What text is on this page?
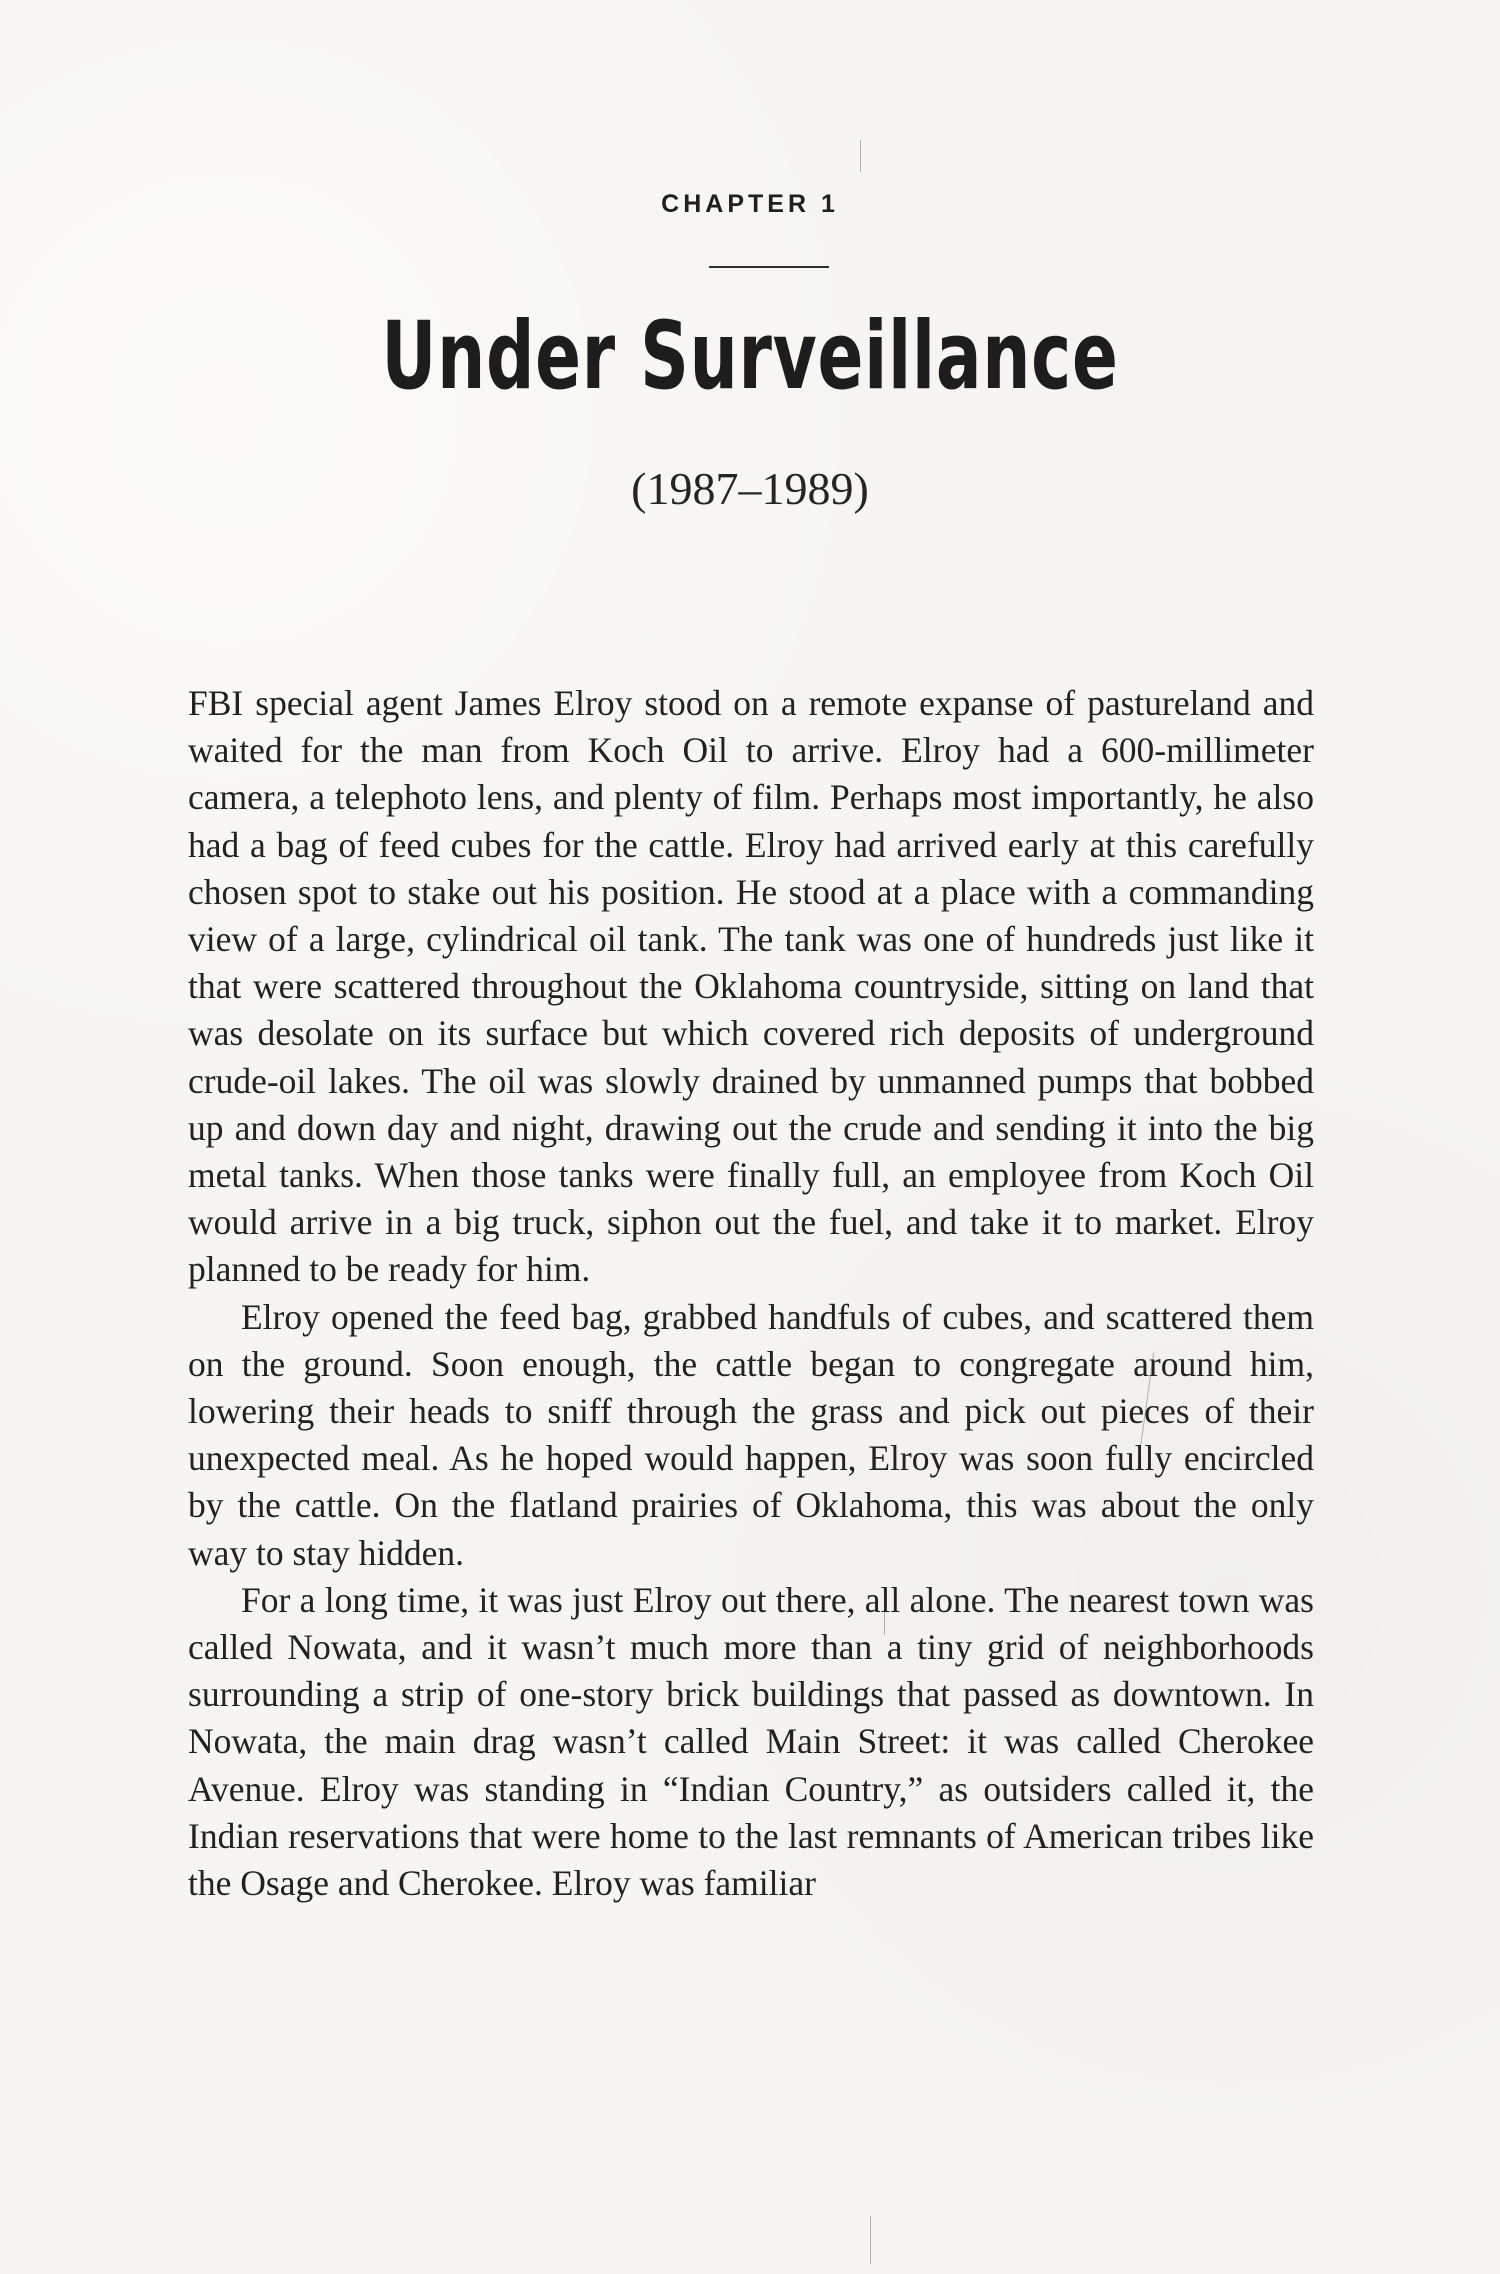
CHAPTER 1
Under Surveillance
(1987–1989)

FBI special agent James Elroy stood on a remote expanse of pastureland and waited for the man from Koch Oil to arrive. Elroy had a 600-millimeter camera, a telephoto lens, and plenty of film. Perhaps most importantly, he also had a bag of feed cubes for the cattle. Elroy had arrived early at this carefully chosen spot to stake out his position. He stood at a place with a commanding view of a large, cylindrical oil tank. The tank was one of hundreds just like it that were scattered throughout the Oklahoma countryside, sitting on land that was desolate on its surface but which covered rich deposits of underground crude-oil lakes. The oil was slowly drained by unmanned pumps that bobbed up and down day and night, drawing out the crude and sending it into the big metal tanks. When those tanks were finally full, an employee from Koch Oil would arrive in a big truck, siphon out the fuel, and take it to market. Elroy planned to be ready for him.

Elroy opened the feed bag, grabbed handfuls of cubes, and scattered them on the ground. Soon enough, the cattle began to congregate around him, lowering their heads to sniff through the grass and pick out pieces of their unexpected meal. As he hoped would happen, Elroy was soon fully encircled by the cattle. On the flatland prairies of Oklahoma, this was about the only way to stay hidden.

For a long time, it was just Elroy out there, all alone. The nearest town was called Nowata, and it wasn’t much more than a tiny grid of neighborhoods surrounding a strip of one-story brick buildings that passed as downtown. In Nowata, the main drag wasn’t called Main Street: it was called Cherokee Avenue. Elroy was standing in “Indian Country,” as outsiders called it, the Indian reservations that were home to the last remnants of American tribes like the Osage and Cherokee. Elroy was familiar
